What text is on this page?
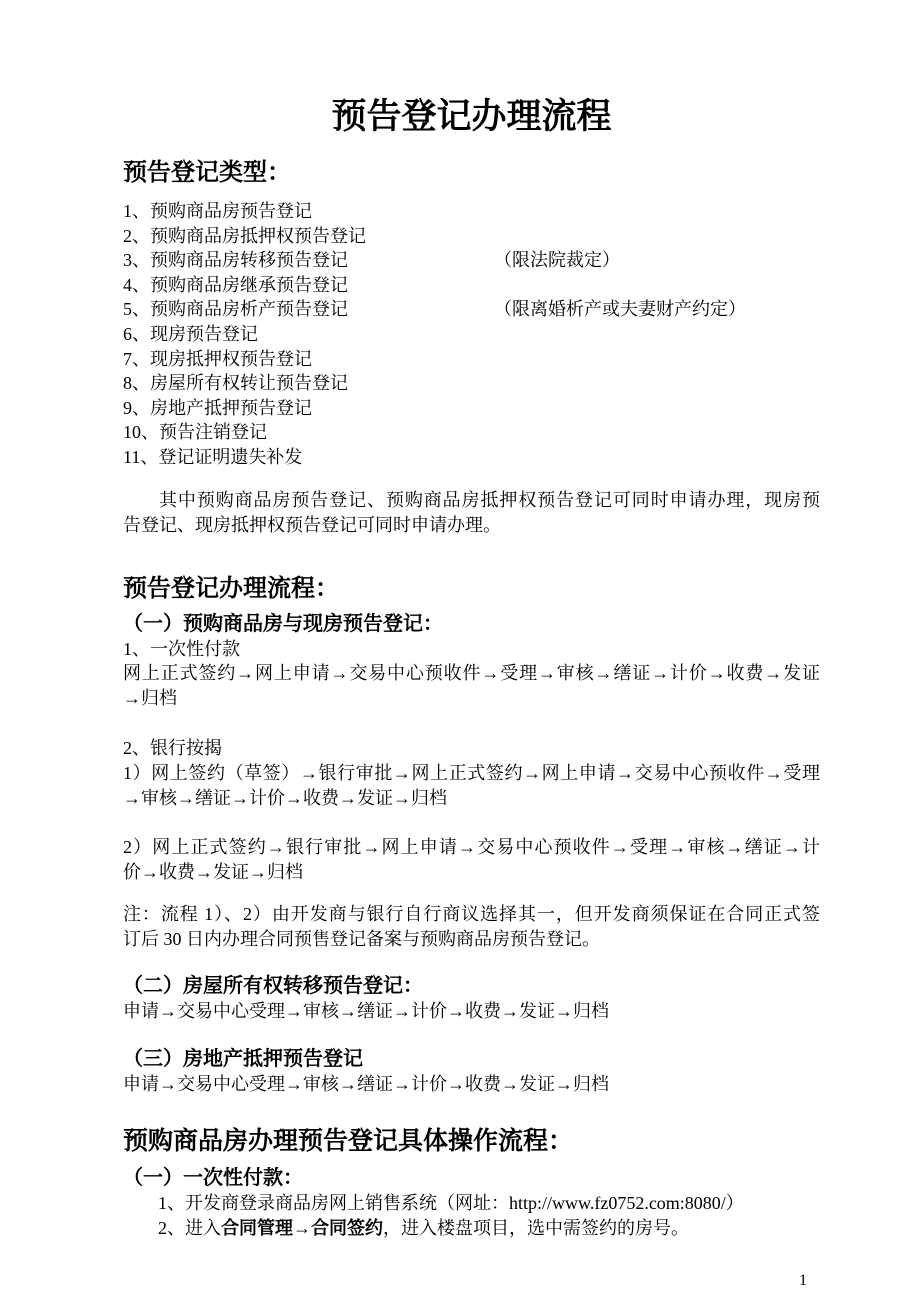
预告登记办理流程
预告登记类型：
1、预购商品房预告登记
2、预购商品房抵押权预告登记
3、预购商品房转移预告登记	（限法院裁定）
4、预购商品房继承预告登记
5、预购商品房析产预告登记	（限离婚析产或夫妻财产约定）
6、现房预告登记
7、现房抵押权预告登记
8、房屋所有权转让预告登记
9、房地产抵押预告登记
10、预告注销登记
11、登记证明遗失补发
其中预购商品房预告登记、预购商品房抵押权预告登记可同时申请办理，现房预
告登记、现房抵押权预告登记可同时申请办理。
预告登记办理流程：
（一）预购商品房与现房预告登记：
1、一次性付款
网上正式签约→网上申请→交易中心预收件→受理→审核→缮证→计价→收费→发证
→归档
2、银行按揭
1）网上签约（草签）→银行审批→网上正式签约→网上申请→交易中心预收件→受理
→审核→缮证→计价→收费→发证→归档
2）网上正式签约→银行审批→网上申请→交易中心预收件→受理→审核→缮证→计
价→收费→发证→归档
注：流程 1）、2）由开发商与银行自行商议选择其一，但开发商须保证在合同正式签
订后 30 日内办理合同预售登记备案与预购商品房预告登记。
（二）房屋所有权转移预告登记：
申请→交易中心受理→审核→缮证→计价→收费→发证→归档
（三）房地产抵押预告登记
申请→交易中心受理→审核→缮证→计价→收费→发证→归档
预购商品房办理预告登记具体操作流程：
（一）一次性付款：
1、开发商登录商品房网上销售系统（网址：http://www.fz0752.com:8080/）
2、进入合同管理→合同签约，进入楼盘项目，选中需签约的房号。
1
